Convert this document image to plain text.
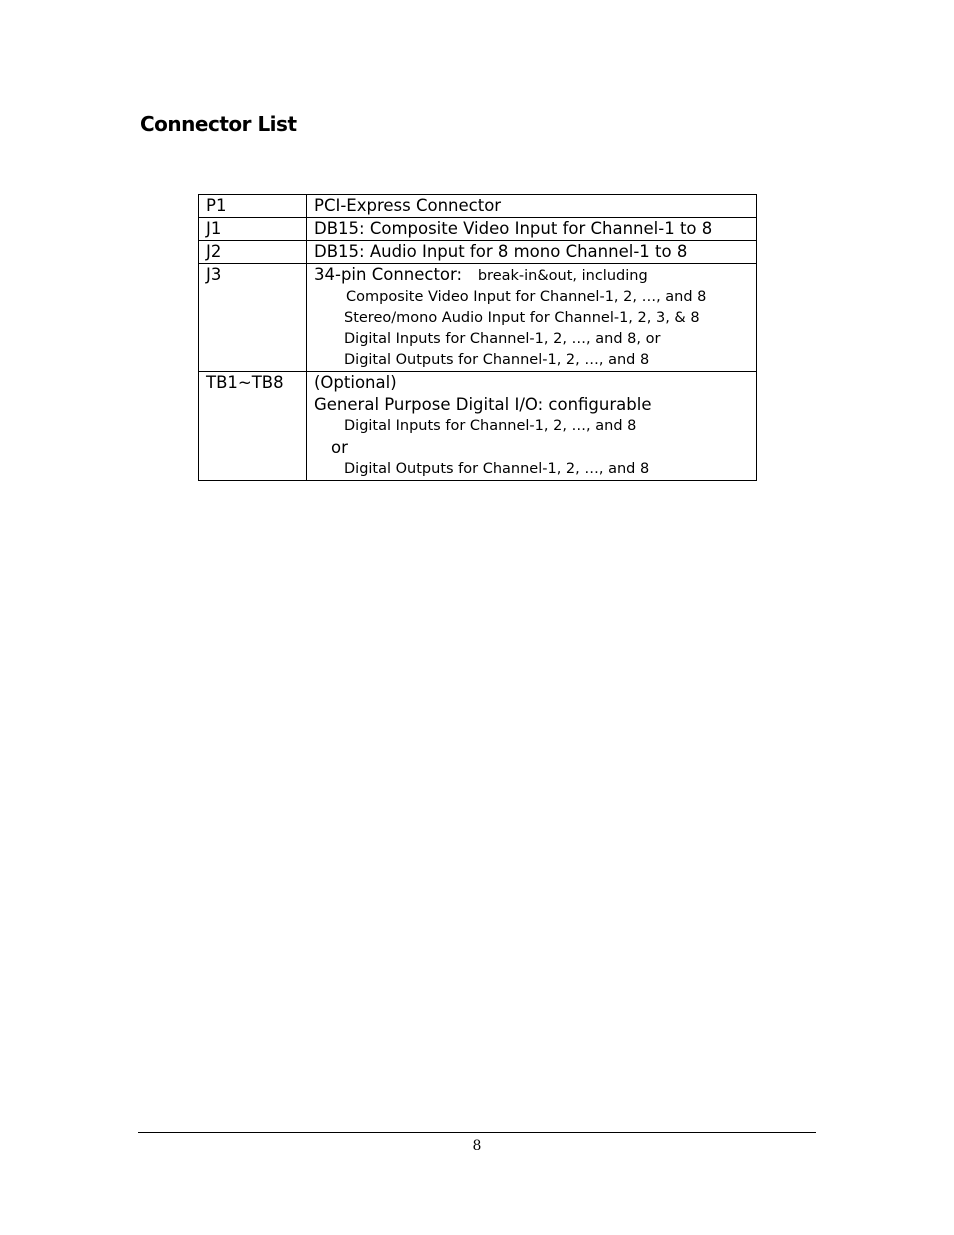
Connector List
P1	PCI-Express Connector
J1	DB15: Composite Video Input for Channel-1 to 8
J2	DB15: Audio Input for 8 mono Channel-1 to 8
J3	34-pin Connector: break-in&out, including
Composite Video Input for Channel-1, 2, …, and 8
Stereo/mono Audio Input for Channel-1, 2, 3, & 8
Digital Inputs for Channel-1, 2, …, and 8, or
Digital Outputs for Channel-1, 2, …, and 8

TB1~TB8	(Optional)
General Purpose Digital I/O: configurable
Digital Inputs for Channel-1, 2, …, and 8
or
Digital Outputs for Channel-1, 2, …, and 8
8
